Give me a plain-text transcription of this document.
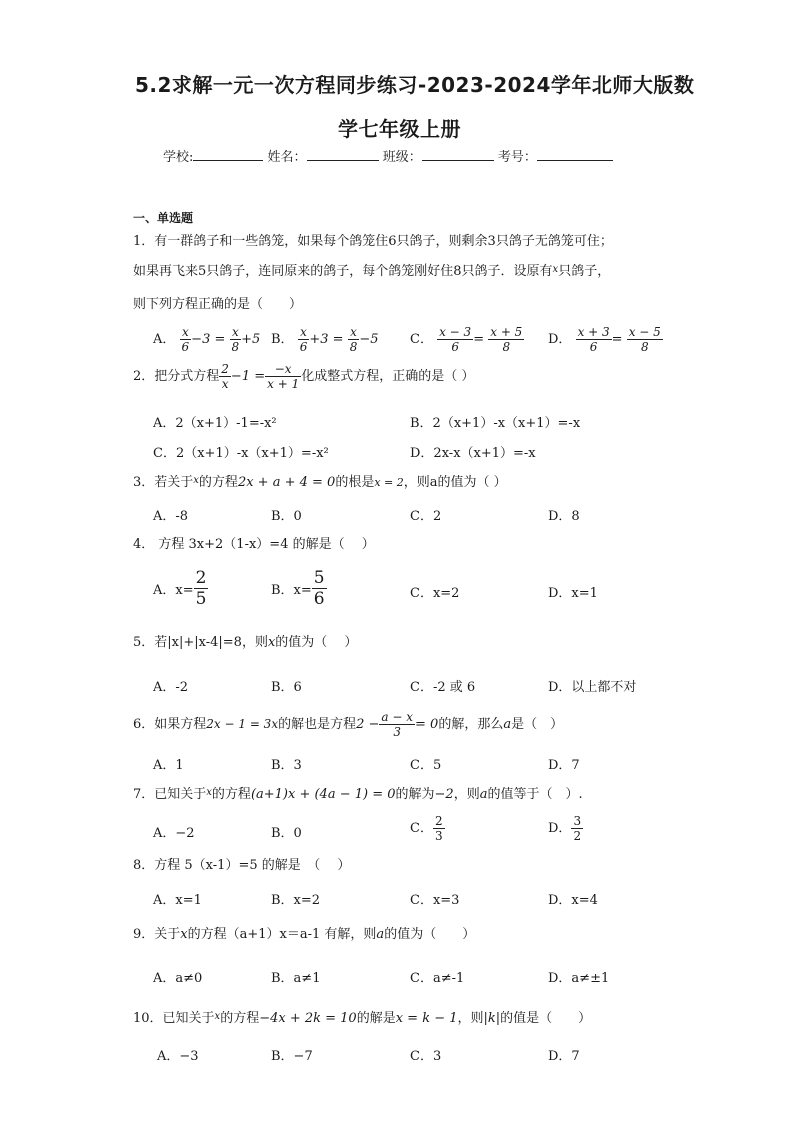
5.2求解一元一次方程同步练习-2023-2024学年北师大版数
学七年级上册
学校:	姓名：	班级：	考号：
一、单选题
1．有一群鸽子和一些鸽笼，如果每个鸽笼住6只鸽子，则剩余3只鸽子无鸽笼可住；
如果再飞来5只鸽子，连同原来的鸽子，每个鸽笼刚好住8只鸽子．设原有$^x$只鸽子，
则下列方程正确的是（　　）
A． $\frac{x}{6} -3 = \frac{x}{8} +5$ B． $\frac{x}{6} +3 = \frac{x}{8} -5$ C． $\frac{x - 3}{6} = \frac{x + 5}{8}$ D． $\frac{x + 3}{6} = \frac{x - 5}{8}$
2．把分式方程 $\frac{2}{x} -1 = \frac{-x}{x + 1}$ 化成整式方程，正确的是（ ）
A．2（x+1）-1=-x²	B．2（x+1）-x（x+1）=-x
C．2（x+1）-x（x+1）=-x²	D．2x-x（x+1）=-x
3．若关于$^x$的方程2x + a + 4 = 0的根是x = 2，则a的值为（ ）
A．-8	B．0	C．2	D．8
4． 方程 3x+2（1-x）=4 的解是（　 ）
A．$x= \frac{2}{5}$	B．$x= \frac{5}{6}$	C．x=2	D．x=1
5．若|x|+|x-4|=8，则x的值为（　 ）
A．-2	B．6	C．-2 或 6	D．以上都不对
6．如果方程2x − 1 = 3x的解也是方程$2 - \frac{a - x}{3} = 0$的解，那么a是（　）
A．1	B．3	C．5	D．7
7．已知关于$^x$的方程(a+1)x + (4a − 1) = 0的解为−2，则a的值等于（　）.
A．−2	B．0	C． $\frac{2}{3}$	D． $\frac{3}{2}$
8．方程 5（x-1）=5 的解是　（　 ）
A．x=1	B．x=2	C．x=3	D．x=4
9．关于x的方程（a+1）x＝a-1 有解，则a的值为（　　）
A．a≠0	B．a≠1	C．a≠-1	D．a≠±1
10．已知关于$^x$的方程−4x + 2k = 10的解是x = k − 1，则|k|的值是（　　）
A．−3	B．−7	C．3	D．7
